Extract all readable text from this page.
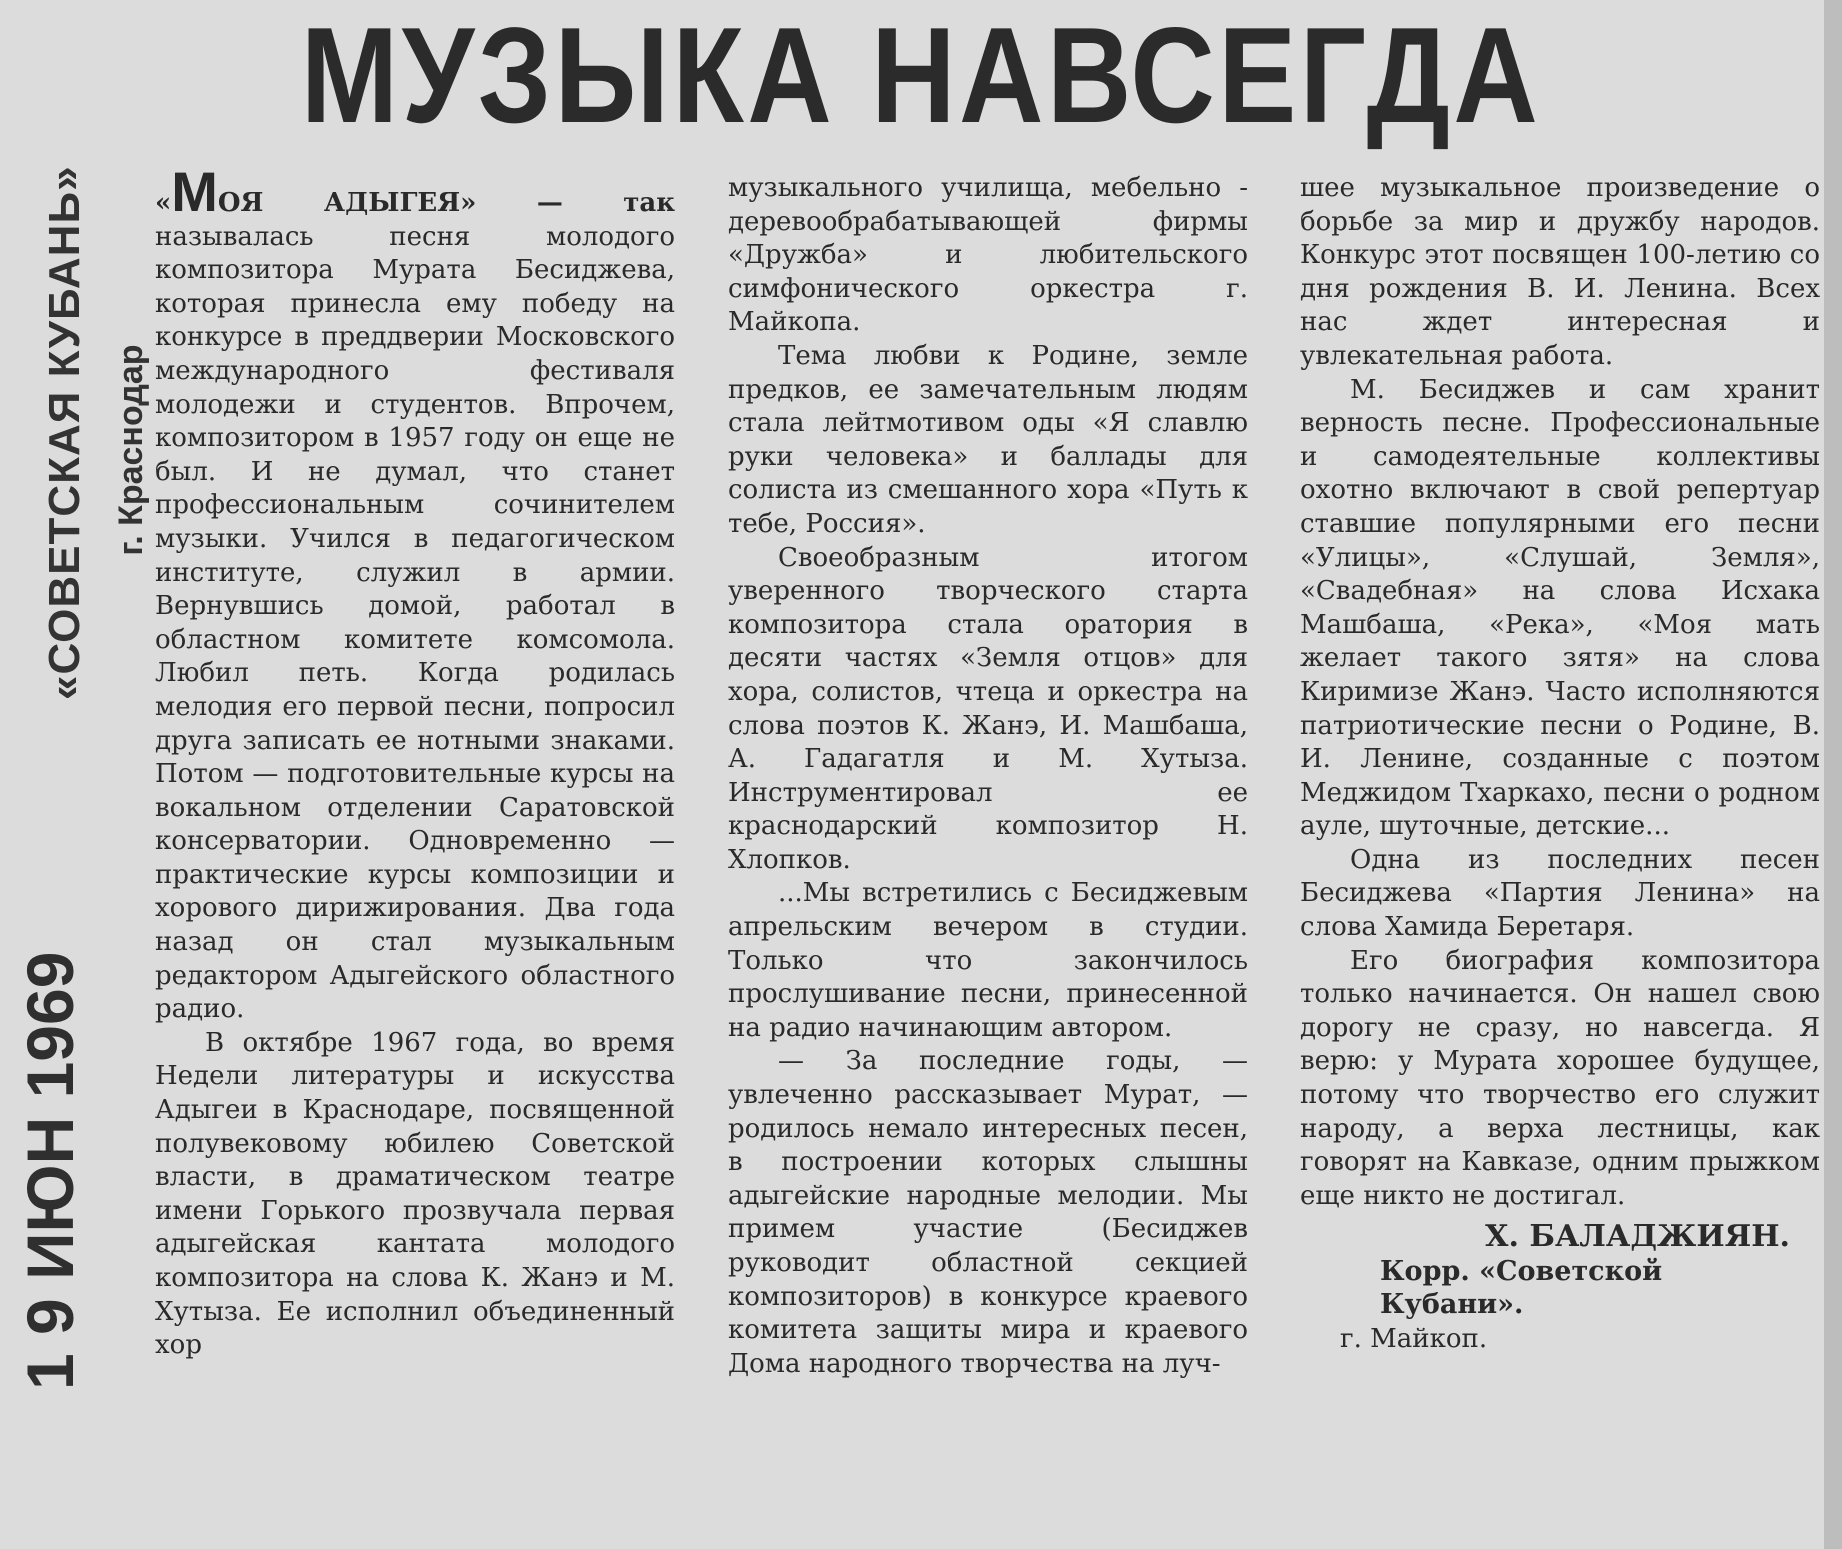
МУЗЫКА НАВСЕГДА
«СОВЕТСКАЯ КУБАНЬ» г. Краснодар
1 9 ИЮН 1969

«МОЯ АДЫГЕЯ» — так называлась песня молодого композитора Мурата Бесиджева, которая принесла ему победу на конкурсе в преддверии Московского международного фестиваля молодежи и студентов. Впрочем, композитором в 1957 году он еще не был. И не думал, что станет профессиональным сочинителем музыки. Учился в педагогическом институте, служил в армии. Вернувшись домой, работал в областном комитете комсомола. Любил петь. Когда родилась мелодия его первой песни, попросил друга записать ее нотными знаками. Потом — подготовительные курсы на вокальном отделении Саратовской консерватории. Одновременно — практические курсы композиции и хорового дирижирования. Два года назад он стал музыкальным редактором Адыгейского областного радио.

В октябре 1967 года, во время Недели литературы и искусства Адыгеи в Краснодаре, посвященной полувековому юбилею Советской власти, в драматическом театре имени Горького прозвучала первая адыгейская кантата молодого композитора на слова К. Жанэ и М. Хутыза. Ее исполнил объединенный хор

музыкального училища, мебельно - деревообрабатывающей фирмы «Дружба» и любительского симфонического оркестра г. Майкопа.

Тема любви к Родине, земле предков, ее замечательным людям стала лейтмотивом оды «Я славлю руки человека» и баллады для солиста из смешанного хора «Путь к тебе, Россия».

Своеобразным итогом уверенного творческого старта композитора стала оратория в десяти частях «Земля отцов» для хора, солистов, чтеца и оркестра на слова поэтов К. Жанэ, И. Машбаша, А. Гадагатля и М. Хутыза. Инструментировал ее краснодарский композитор Н. Хлопков.

...Мы встретились с Бесиджевым апрельским вечером в студии. Только что закончилось прослушивание песни, принесенной на радио начинающим автором.

— За последние годы, — увлеченно рассказывает Мурат, — родилось немало интересных песен, в построении которых слышны адыгейские народные мелодии. Мы примем участие (Бесиджев руководит областной секцией композиторов) в конкурсе краевого комитета защиты мира и краевого Дома народного творчества на луч-

шее музыкальное произведение о борьбе за мир и дружбу народов. Конкурс этот посвящен 100-летию со дня рождения В. И. Ленина. Всех нас ждет интересная и увлекательная работа.

М. Бесиджев и сам хранит верность песне. Профессиональные и самодеятельные коллективы охотно включают в свой репертуар ставшие популярными его песни «Улицы», «Слушай, Земля», «Свадебная» на слова Исхака Машбаша, «Река», «Моя мать желает такого зятя» на слова Киримизе Жанэ. Часто исполняются патриотические песни о Родине, В. И. Ленине, созданные с поэтом Меджидом Тхаркахо, песни о родном ауле, шуточные, детские...

Одна из последних песен Бесиджева «Партия Ленина» на слова Хамида Беретаря.

Его биография композитора только начинается. Он нашел свою дорогу не сразу, но навсегда. Я верю: у Мурата хорошее будущее, потому что творчество его служит народу, а верха лестницы, как говорят на Кавказе, одним прыжком еще никто не достигал.

Х. БАЛАДЖИЯН.
Корр. «Советской Кубани».
г. Майкоп.
